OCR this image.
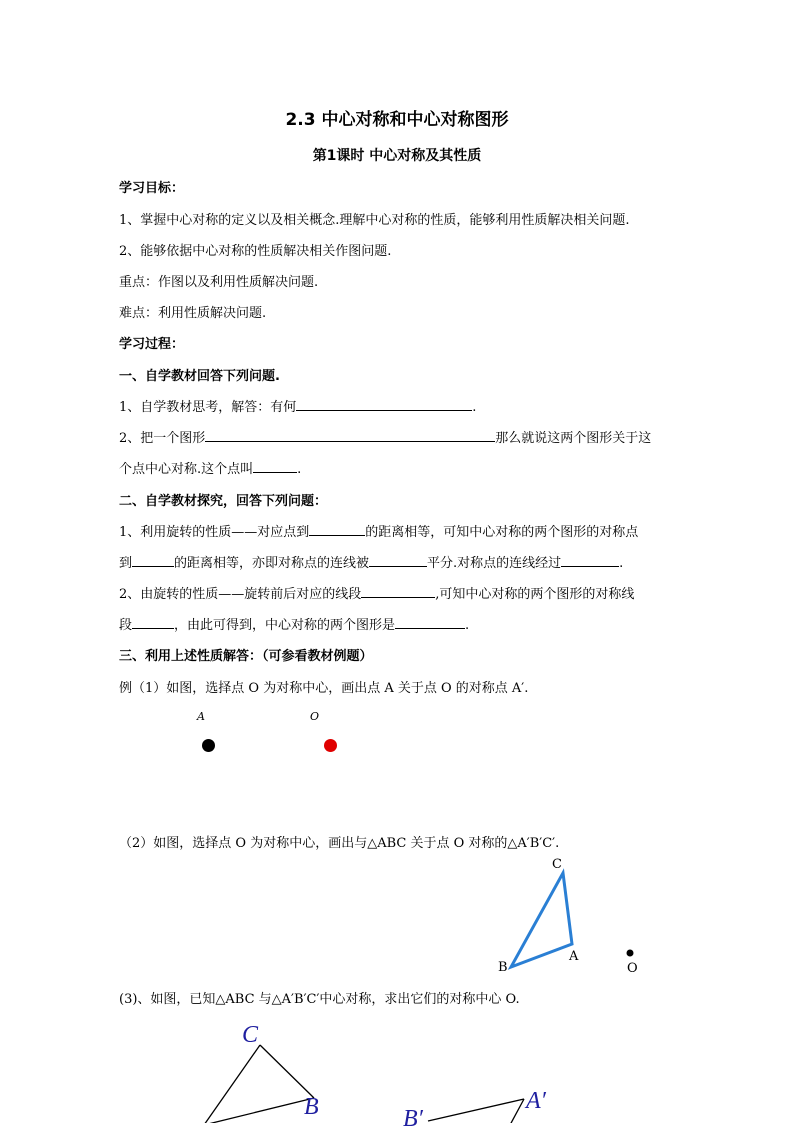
2.3 中心对称和中心对称图形
第1课时 中心对称及其性质
学习目标：
1、掌握中心对称的定义以及相关概念.理解中心对称的性质，能够利用性质解决相关问题.
2、能够依据中心对称的性质解决相关作图问题.
重点：作图以及利用性质解决问题.
难点：利用性质解决问题.
学习过程：
一、自学教材回答下列问题.
1、自学教材思考，解答：有何	.
2、把一个图形	那么就说这两个图形关于这
个点中心对称.这个点叫	.
二、自学教材探究，回答下列问题：
1、利用旋转的性质——对应点到	的距离相等，可知中心对称的两个图形的对称点
到	的距离相等，亦即对称点的连线被	平分.对称点的连线经过	.
2、由旋转的性质——旋转前后对应的线段	,可知中心对称的两个图形的对称线
段	，由此可得到，中心对称的两个图形是	.
三、利用上述性质解答：（可参看教材例题）
例（1）如图，选择点 O 为对称中心，画出点 A 关于点 O 的对称点 A′.
A	O
（2）如图，选择点 O 为对称中心，画出与△ABC 关于点 O 对称的△A′B′C′.
C
A
B	O
(3)、如图，已知△ABC 与△A′B′C′中心对称，求出它们的对称中心 O.
C
B	B′
A′
